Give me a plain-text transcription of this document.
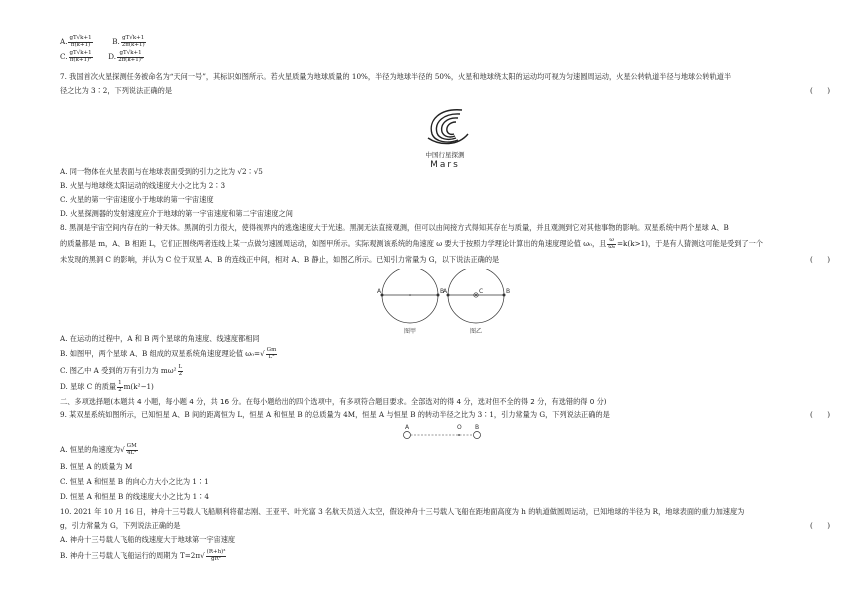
A. $\frac{gT√k+1}{\pi(k+1)}$	B. $\frac{gT√k+1}{2\pi(k+1)}$
C. $\frac{gT√k+1}{\text{π(k+1)²}} D$. $\frac{gT√k+1}{\text{2π(k+1)²}}$
7. 我国首次火星探测任务被命名为“天问一号”，其标识如图所示。若火星质量为地球质量的 10%，半径为地球半径的 50%，火星和地球绕太阳的运动均可视为匀速圆周运动，火星公转轨道半径与地球公转轨道半
径之比为 3∶2，下列说法正确的是	(　　)
中国行星探测
Mars
A. 同一物体在火星表面与在地球表面受到的引力之比为 √2∶√5
B. 火星与地球绕太阳运动的线速度大小之比为 2∶3
C. 火星的第一宇宙速度小于地球的第一宇宙速度
D. 火星探测器的发射速度应介于地球的第一宇宙速度和第二宇宙速度之间
8. 黑洞是宇宙空间内存在的一种天体。黑洞的引力很大，使得视界内的逃逸速度大于光速。黑洞无法直接观测，但可以由间接方式得知其存在与质量，并且观测到它对其他事物的影响。双星系统中两个星球 A、B
的质量都是 m，A、B 相距 L，它们正围绕两者连线上某一点做匀速圆周运动，如图甲所示。实际观测该系统的角速度 ω 要大于按照力学理论计算出的角速度理论值 ω₀，且 $\frac{\omega}{\text{ω₀}} =k(k>1)$，于是有人猜测这可能是受到了一个
未发现的黑洞 C 的影响，并认为 C 位于双星 A、B 的连线正中间，相对 A、B 静止，如图乙所示。已知引力常量为 G，以下说法正确的是	(　　)
A	B
A	C	B
图甲	图乙
A. 在运动的过程中，A 和 B 两个星球的角速度、线速度都相同
B. 如图甲，两个星球 A、B 组成的双星系统角速度理论值 $\omega_0=√ \frac{Gm}{\text{L³}}$
C. 图乙中 A 受到的万有引力为 $m\omega^2 \frac{L}{2}$
D. 星球 C 的质量 $\frac{1}{2} m(k^2-1)$
二、多项选择题(本题共 4 小题，每小题 4 分，共 16 分。在每小题给出的四个选项中，有多项符合题目要求。全部选对的得 4 分，选对但不全的得 2 分，有选错的得 0 分)
9. 某双星系统如图所示，已知恒星 A、B 间的距离恒为 L，恒星 A 和恒星 B 的总质量为 4M，恒星 A 与恒星 B 的转动半径之比为 3∶1，引力常量为 G，下列说法正确的是	(　　)
A	O B
A. 恒星的角速度为√ $\frac{GM}{\text{4L³}}$
B. 恒星 A 的质量为 M
C. 恒星 A 和恒星 B 的向心力大小之比为 1∶1
D. 恒星 A 和恒星 B 的线速度大小之比为 1∶4
10. 2021 年 10 月 16 日，神舟十三号载人飞船顺利将翟志刚、王亚平、叶光富 3 名航天员送入太空，假设神舟十三号载人飞船在距地面高度为 h 的轨道做圆周运动，已知地球的半径为 R，地球表面的重力加速度为
g，引力常量为 G，下列说法正确的是	(　　)
A. 神舟十三号载人飞船的线速度大于地球第一宇宙速度
B. 神舟十三号载人飞船运行的周期为 $T=2\pi√ \frac{\text{(R+h)³}}{\text{gR²}}$
